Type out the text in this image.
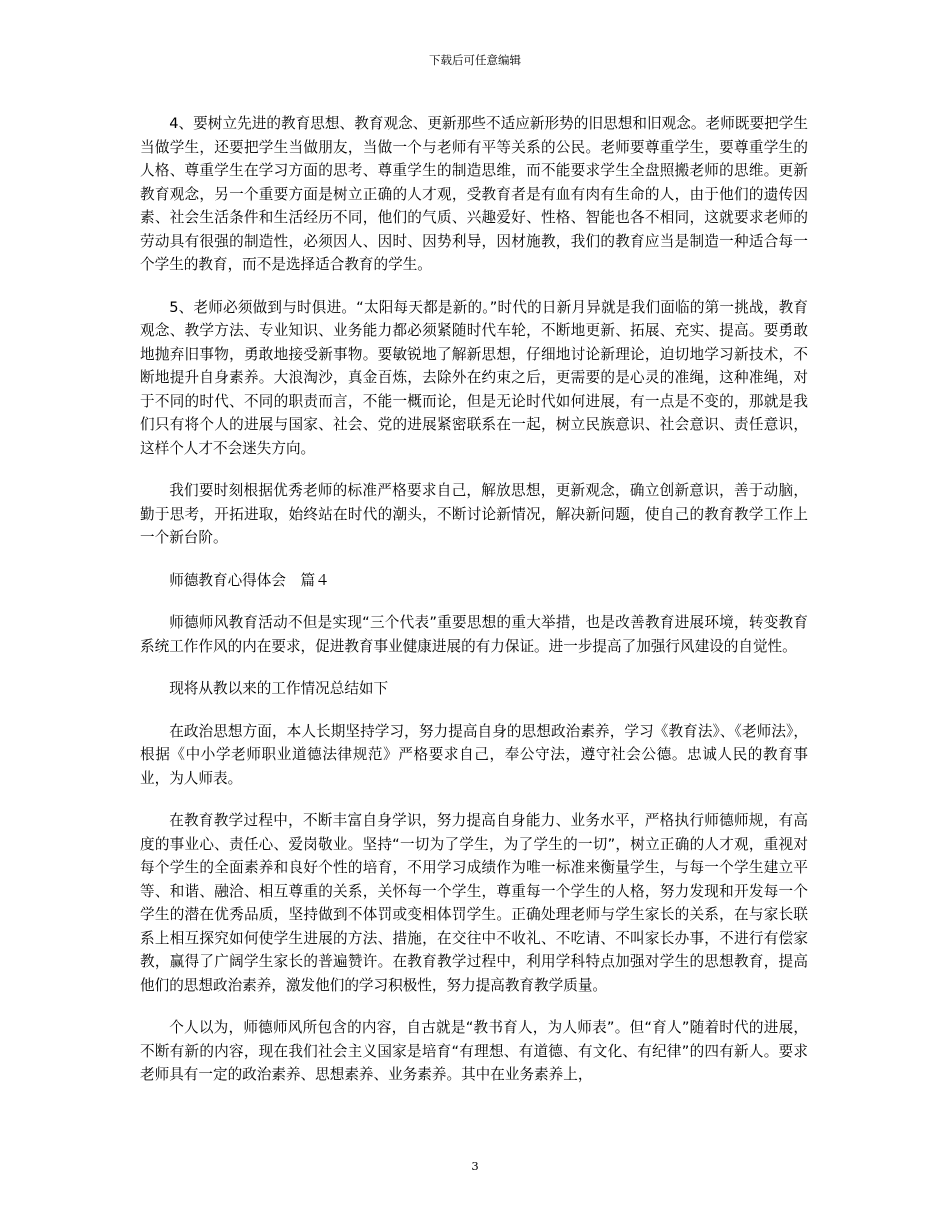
下载后可任意编辑

4、要树立先进的教育思想、教育观念、更新那些不适应新形势的旧思想和旧观念。老师既要把学生当做学生，还要把学生当做朋友，当做一个与老师有平等关系的公民。老师要尊重学生，要尊重学生的人格、尊重学生在学习方面的思考、尊重学生的制造思维，而不能要求学生全盘照搬老师的思维。更新教育观念，另一个重要方面是树立正确的人才观，受教育者是有血有肉有生命的人，由于他们的遗传因素、社会生活条件和生活经历不同，他们的气质、兴趣爱好、性格、智能也各不相同，这就要求老师的劳动具有很强的制造性，必须因人、因时、因势利导，因材施教，我们的教育应当是制造一种适合每一个学生的教育，而不是选择适合教育的学生。

5、老师必须做到与时俱进。“太阳每天都是新的。”时代的日新月异就是我们面临的第一挑战，教育观念、教学方法、专业知识、业务能力都必须紧随时代车轮，不断地更新、拓展、充实、提高。要勇敢地抛弃旧事物，勇敢地接受新事物。要敏锐地了解新思想，仔细地讨论新理论，迫切地学习新技术，不断地提升自身素养。大浪淘沙，真金百炼，去除外在约束之后，更需要的是心灵的准绳，这种准绳，对于不同的时代、不同的职责而言，不能一概而论，但是无论时代如何进展，有一点是不变的，那就是我们只有将个人的进展与国家、社会、党的进展紧密联系在一起，树立民族意识、社会意识、责任意识，这样个人才不会迷失方向。

我们要时刻根据优秀老师的标准严格要求自己，解放思想，更新观念，确立创新意识，善于动脑，勤于思考，开拓进取，始终站在时代的潮头，不断讨论新情况，解决新问题，使自己的教育教学工作上一个新台阶。

师德教育心得体会　篇４

师德师风教育活动不但是实现“三个代表”重要思想的重大举措，也是改善教育进展环境，转变教育系统工作作风的内在要求，促进教育事业健康进展的有力保证。进一步提高了加强行风建设的自觉性。

现将从教以来的工作情况总结如下

在政治思想方面，本人长期坚持学习，努力提高自身的思想政治素养，学习《教育法》、《老师法》，根据《中小学老师职业道德法律规范》严格要求自己，奉公守法，遵守社会公德。忠诚人民的教育事业，为人师表。

在教育教学过程中，不断丰富自身学识，努力提高自身能力、业务水平，严格执行师德师规，有高度的事业心、责任心、爱岗敬业。坚持“一切为了学生，为了学生的一切”，树立正确的人才观，重视对每个学生的全面素养和良好个性的培育，不用学习成绩作为唯一标准来衡量学生，与每一个学生建立平等、和谐、融洽、相互尊重的关系，关怀每一个学生，尊重每一个学生的人格，努力发现和开发每一个学生的潜在优秀品质，坚持做到不体罚或变相体罚学生。正确处理老师与学生家长的关系，在与家长联系上相互探究如何使学生进展的方法、措施，在交往中不收礼、不吃请、不叫家长办事，不进行有偿家教，赢得了广阔学生家长的普遍赞许。在教育教学过程中，利用学科特点加强对学生的思想教育，提高他们的思想政治素养，激发他们的学习积极性，努力提高教育教学质量。

个人以为，师德师风所包含的内容，自古就是“教书育人，为人师表”。但“育人”随着时代的进展，不断有新的内容，现在我们社会主义国家是培育“有理想、有道德、有文化、有纪律”的四有新人。要求老师具有一定的政治素养、思想素养、业务素养。其中在业务素养上，

3
